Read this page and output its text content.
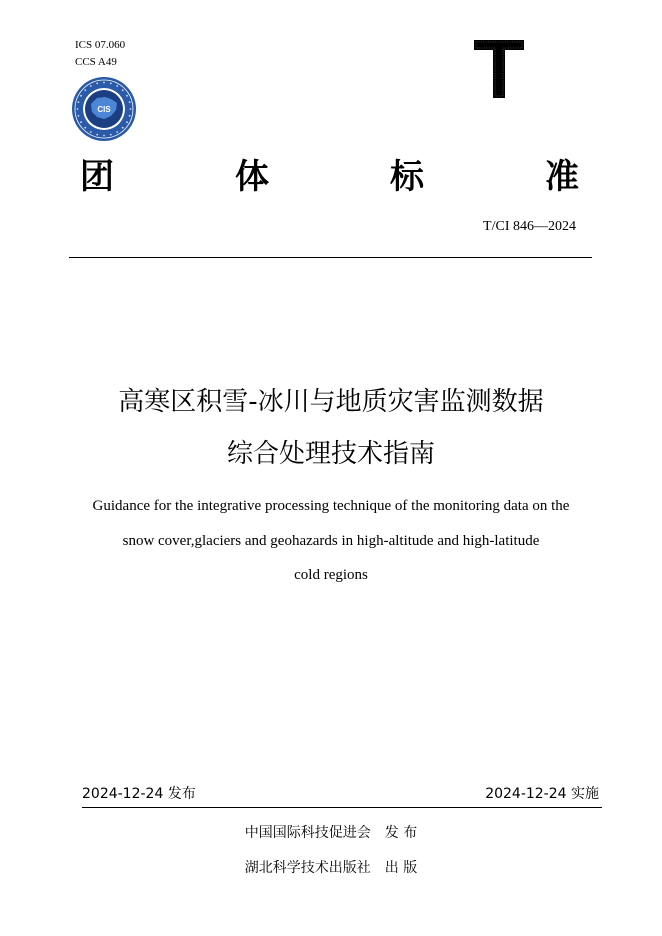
ICS 07.060
CCS A49
CIS
团	体	标	准
T/CI 846—2024
高寒区积雪-冰川与地质灾害监测数据
综合处理技术指南
Guidance for the integrative processing technique of the monitoring data on the
snow cover,glaciers and geohazards in high-altitude and high-latitude
cold regions
2024-12-24 发布	2024-12-24 实施
中国国际科技促进会 发 布
湖北科学技术出版社 出 版
